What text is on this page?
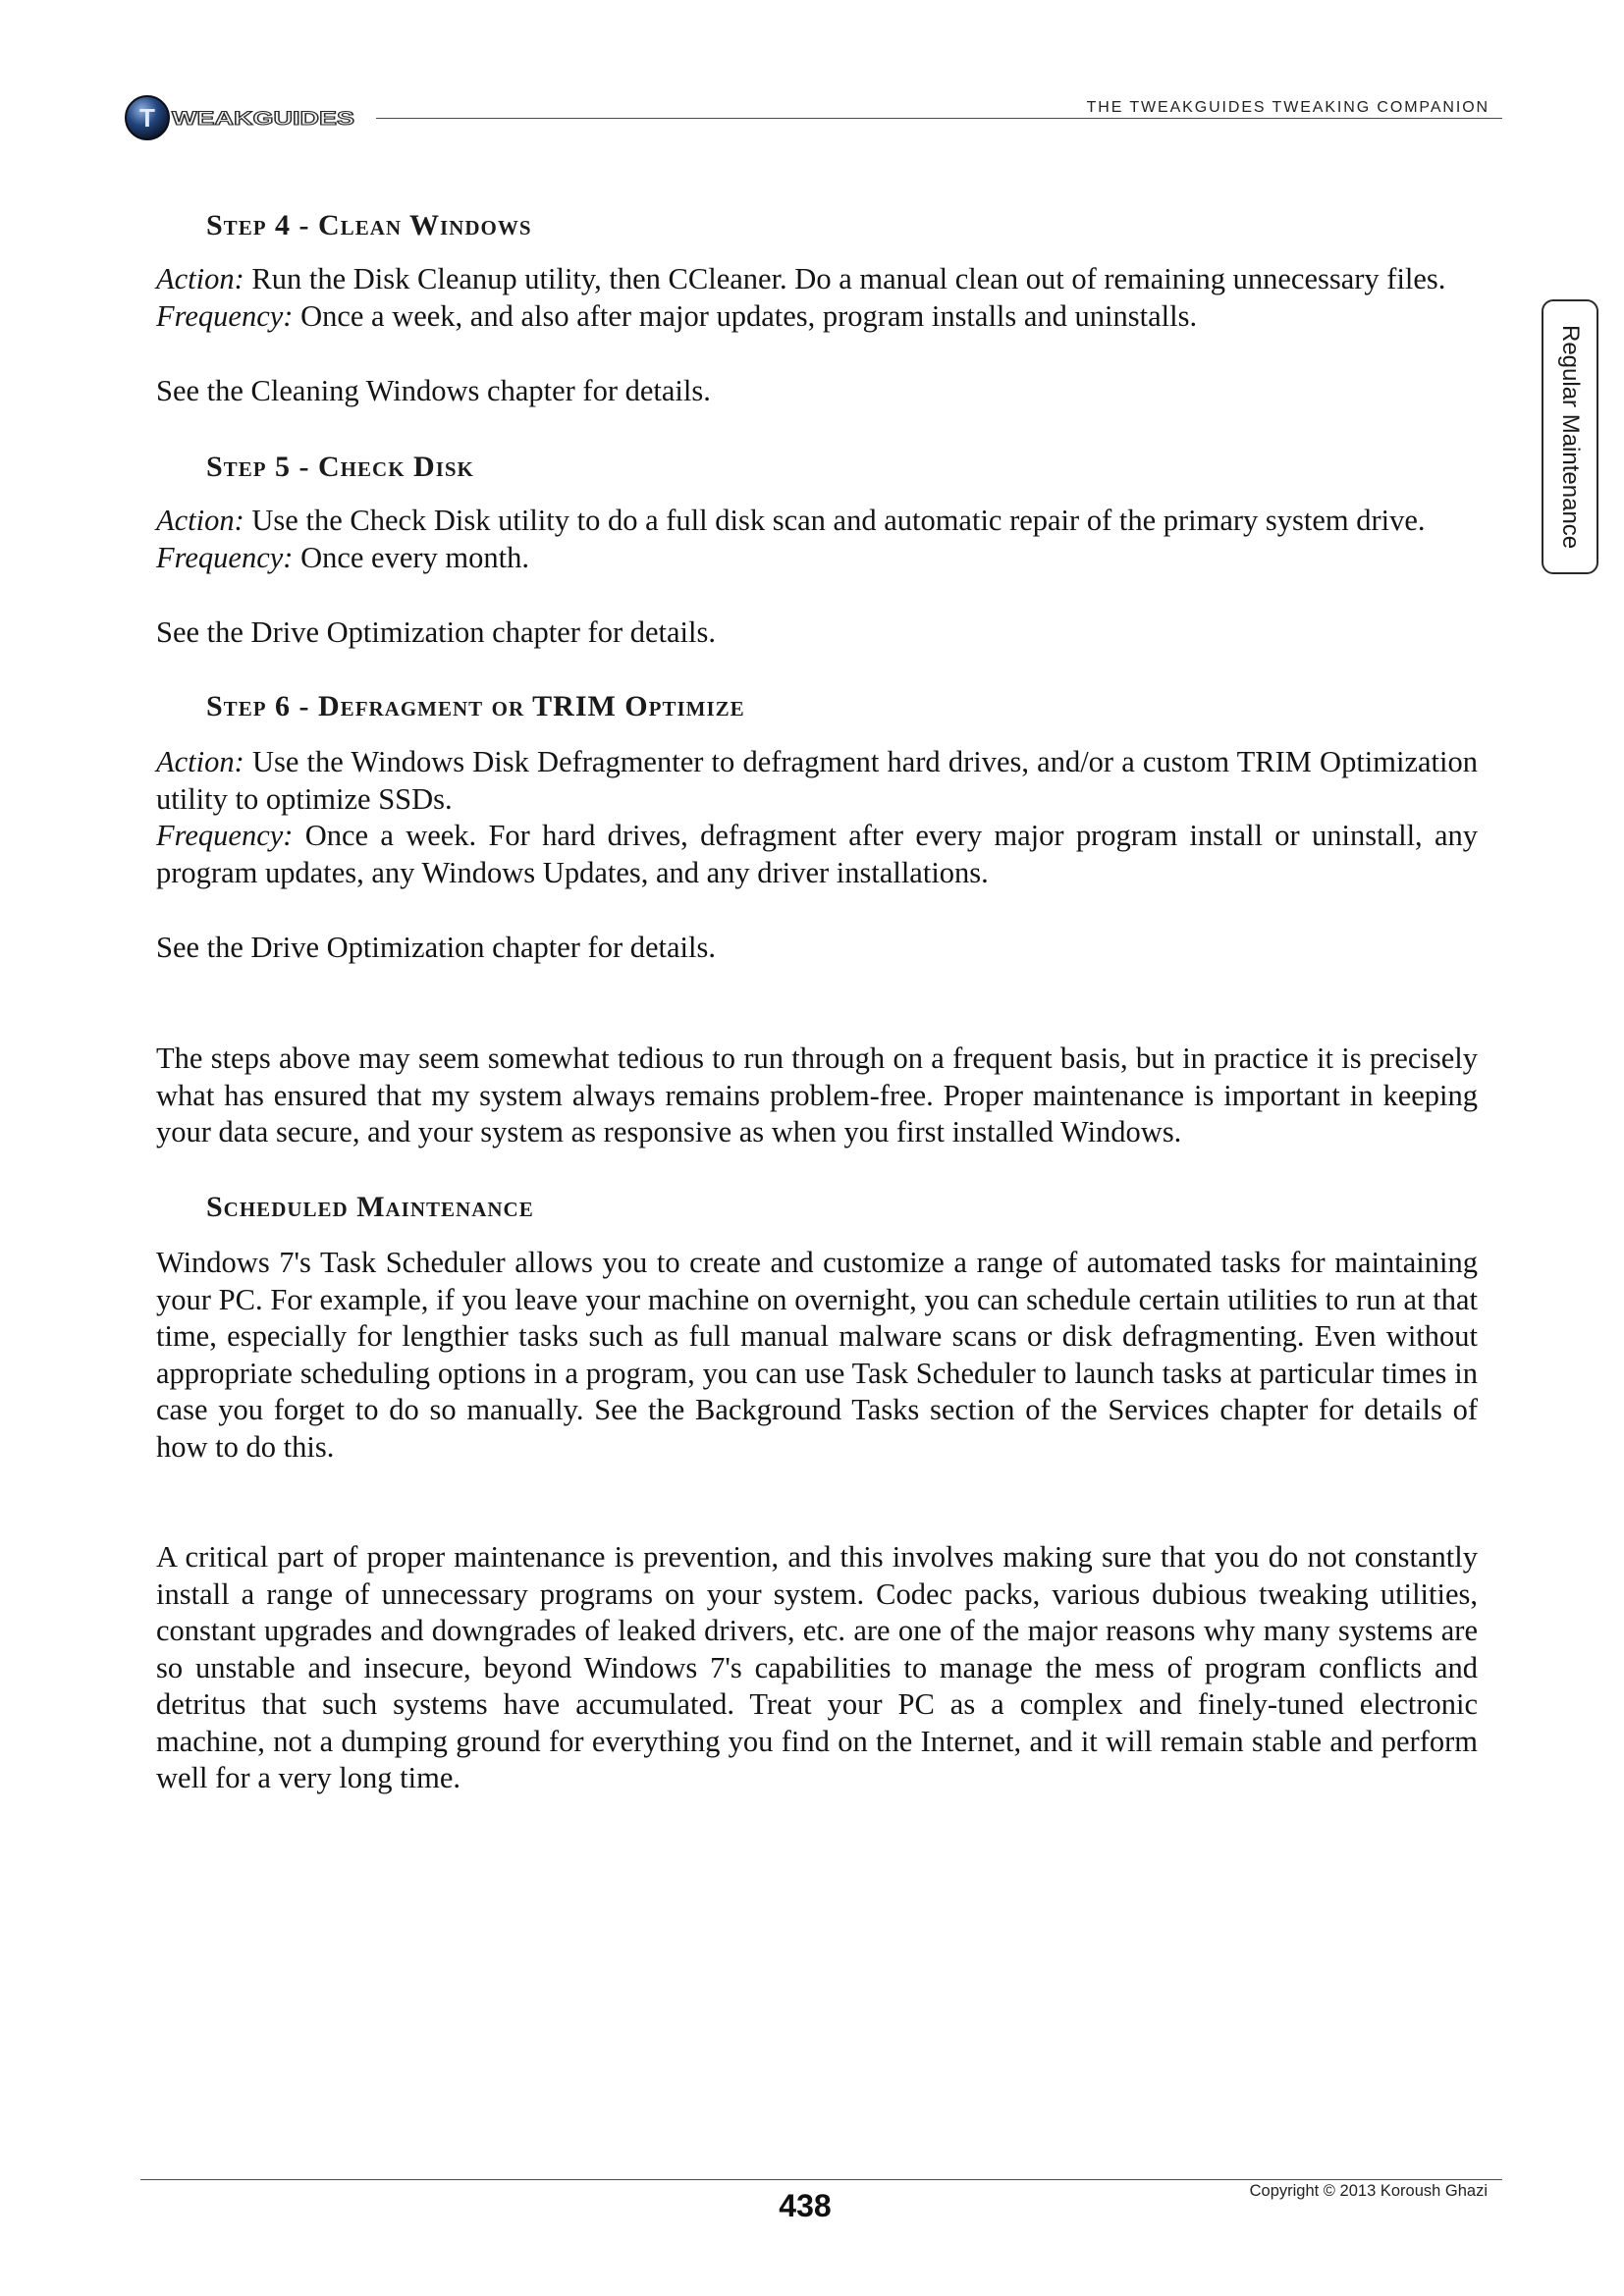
T WEAKGUIDES
THE TWEAKGUIDES TWEAKING COMPANION
Regular Maintenance
Step 4 - Clean Windows

Action: Run the Disk Cleanup utility, then CCleaner. Do a manual clean out of remaining unnecessary files.

Frequency: Once a week, and also after major updates, program installs and uninstalls.

See the Cleaning Windows chapter for details.

Step 5 - Check Disk

Action: Use the Check Disk utility to do a full disk scan and automatic repair of the primary system drive.

Frequency: Once every month.

See the Drive Optimization chapter for details.

Step 6 - Defragment or TRIM Optimize

Action: Use the Windows Disk Defragmenter to defragment hard drives, and/or a custom TRIM Optimization utility to optimize SSDs.

Frequency: Once a week. For hard drives, defragment after every major program install or uninstall, any program updates, any Windows Updates, and any driver installations.

See the Drive Optimization chapter for details.

The steps above may seem somewhat tedious to run through on a frequent basis, but in practice it is precisely what has ensured that my system always remains problem-free. Proper maintenance is important in keeping your data secure, and your system as responsive as when you first installed Windows.

Scheduled Maintenance

Windows 7's Task Scheduler allows you to create and customize a range of automated tasks for maintaining your PC. For example, if you leave your machine on overnight, you can schedule certain utilities to run at that time, especially for lengthier tasks such as full manual malware scans or disk defragmenting. Even without appropriate scheduling options in a program, you can use Task Scheduler to launch tasks at particular times in case you forget to do so manually. See the Background Tasks section of the Services chapter for details of how to do this.

A critical part of proper maintenance is prevention, and this involves making sure that you do not constantly install a range of unnecessary programs on your system. Codec packs, various dubious tweaking utilities, constant upgrades and downgrades of leaked drivers, etc. are one of the major reasons why many systems are so unstable and insecure, beyond Windows 7's capabilities to manage the mess of program conflicts and detritus that such systems have accumulated. Treat your PC as a complex and finely-tuned electronic machine, not a dumping ground for everything you find on the Internet, and it will remain stable and perform well for a very long time.

438	Copyright © 2013 Koroush Ghazi
